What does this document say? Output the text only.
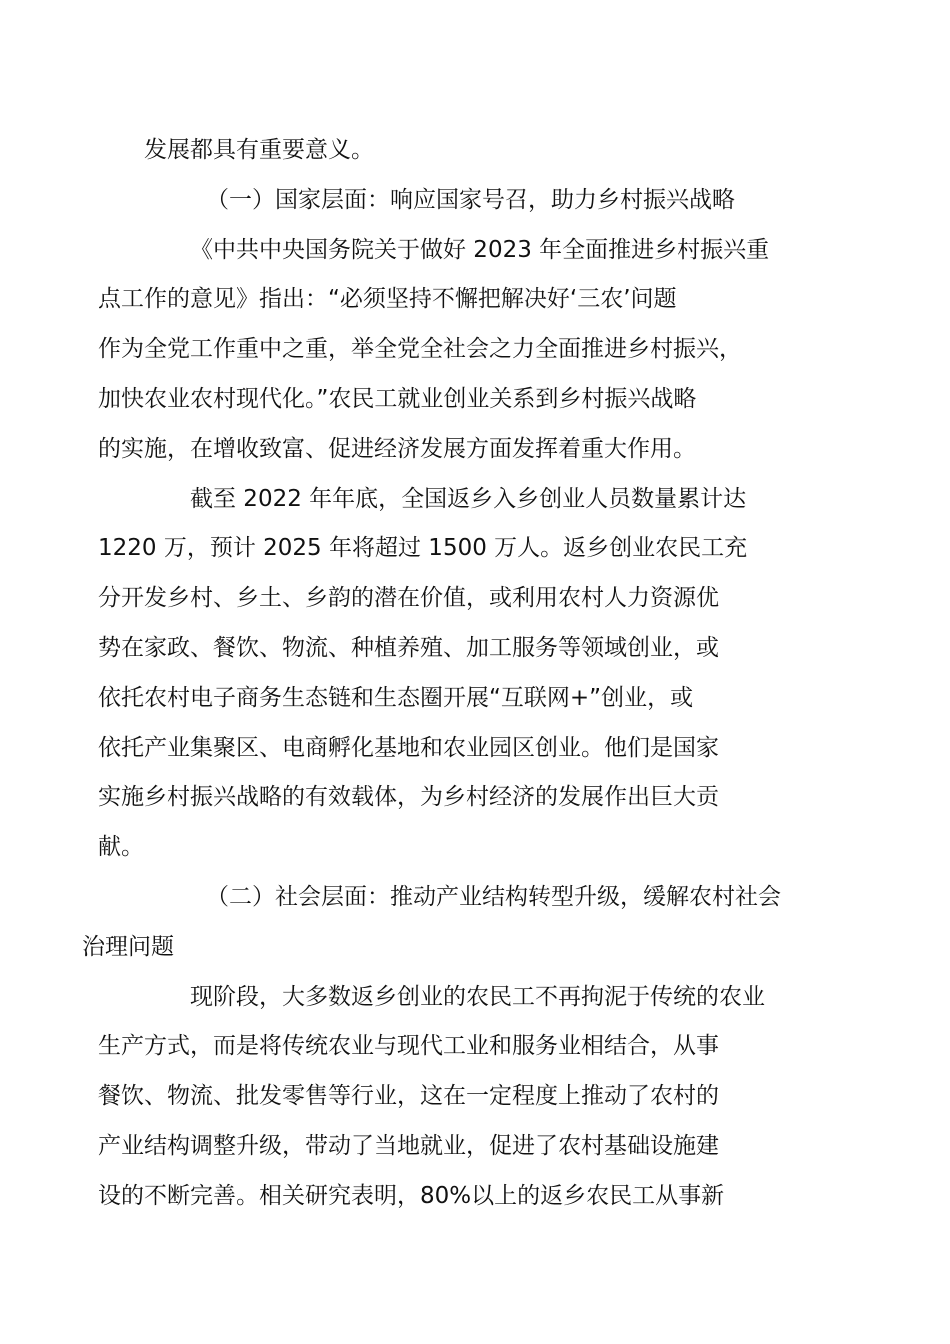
发展都具有重要意义。

（一）国家层面：响应国家号召，助力乡村振兴战略

《中共中央国务院关于做好 2023 年全面推进乡村振兴重
点工作的意见》指出：“必须坚持不懈把解决好‘三农’问题
作为全党工作重中之重，举全党全社会之力全面推进乡村振兴，
加快农业农村现代化。”农民工就业创业关系到乡村振兴战略
的实施，在增收致富、促进经济发展方面发挥着重大作用。

截至 2022 年年底，全国返乡入乡创业人员数量累计达
1220 万，预计 2025 年将超过 1500 万人。返乡创业农民工充
分开发乡村、乡土、乡韵的潜在价值，或利用农村人力资源优
势在家政、餐饮、物流、种植养殖、加工服务等领域创业，或
依托农村电子商务生态链和生态圈开展“互联网+”创业，或
依托产业集聚区、电商孵化基地和农业园区创业。他们是国家
实施乡村振兴战略的有效载体，为乡村经济的发展作出巨大贡
献。

（二）社会层面：推动产业结构转型升级，缓解农村社会
治理问题

现阶段，大多数返乡创业的农民工不再拘泥于传统的农业
生产方式，而是将传统农业与现代工业和服务业相结合，从事
餐饮、物流、批发零售等行业，这在一定程度上推动了农村的
产业结构调整升级，带动了当地就业，促进了农村基础设施建
设的不断完善。相关研究表明，80%以上的返乡农民工从事新
